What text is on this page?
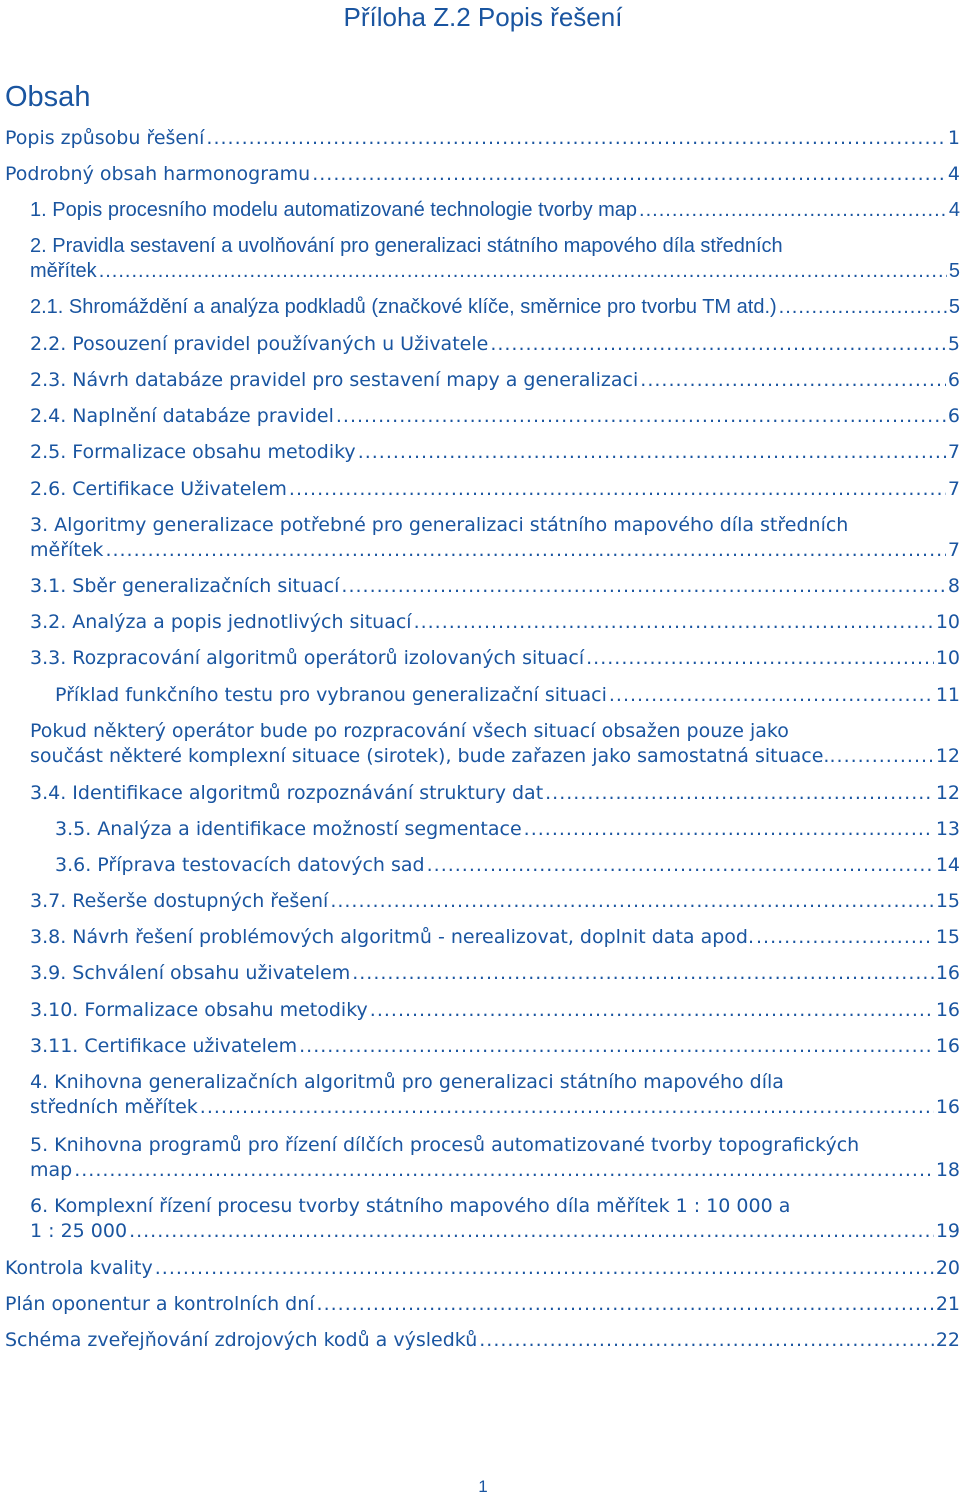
Příloha Z.2 Popis řešení
Obsah
Popis způsobu řešení .....	1
Podrobný obsah harmonogramu .....	4
1. Popis procesního modelu automatizované technologie tvorby map .....	4
2. Pravidla sestavení a uvolňování pro generalizaci státního mapového díla středních
měřítek .....	5
2.1. Shromáždění a analýza podkladů (značkové klíče, směrnice pro tvorbu TM atd.) .....	5
2.2. Posouzení pravidel používaných u Uživatele .....	5
2.3. Návrh databáze pravidel pro sestavení mapy a generalizaci .....	6
2.4. Naplnění databáze pravidel .....	6
2.5. Formalizace obsahu metodiky .....	7
2.6. Certifikace Uživatelem .....	7
3. Algoritmy generalizace potřebné pro generalizaci státního mapového díla středních
měřítek .....	7
3.1. Sběr generalizačních situací .....	8
3.2. Analýza a popis jednotlivých situací .....	10
3.3. Rozpracování algoritmů operátorů izolovaných situací .....	10
Příklad funkčního testu pro vybranou generalizační situaci .....	11
Pokud některý operátor bude po rozpracování všech situací obsažen pouze jako
součást některé komplexní situace (sirotek), bude zařazen jako samostatná situace. .....	12
3.4. Identifikace algoritmů rozpoznávání struktury dat .....	12
3.5. Analýza a identifikace možností segmentace .....	13
3.6. Příprava testovacích datových sad .....	14
3.7. Rešerše dostupných řešení .....	15
3.8. Návrh řešení problémových algoritmů - nerealizovat, doplnit data apod. .....	15
3.9. Schválení obsahu uživatelem .....	16
3.10. Formalizace obsahu metodiky .....	16
3.11. Certifikace uživatelem .....	16
4. Knihovna generalizačních algoritmů pro generalizaci státního mapového díla
středních měřítek .....	16
5. Knihovna programů pro řízení dílčích procesů automatizované tvorby topografických
map .....	18
6. Komplexní řízení procesu tvorby státního mapového díla měřítek 1 : 10 000 a
1 : 25 000 .....	19
Kontrola kvality .....	20
Plán oponentur a kontrolních dní .....	21
Schéma zveřejňování zdrojových kodů a výsledků .....	22
1
